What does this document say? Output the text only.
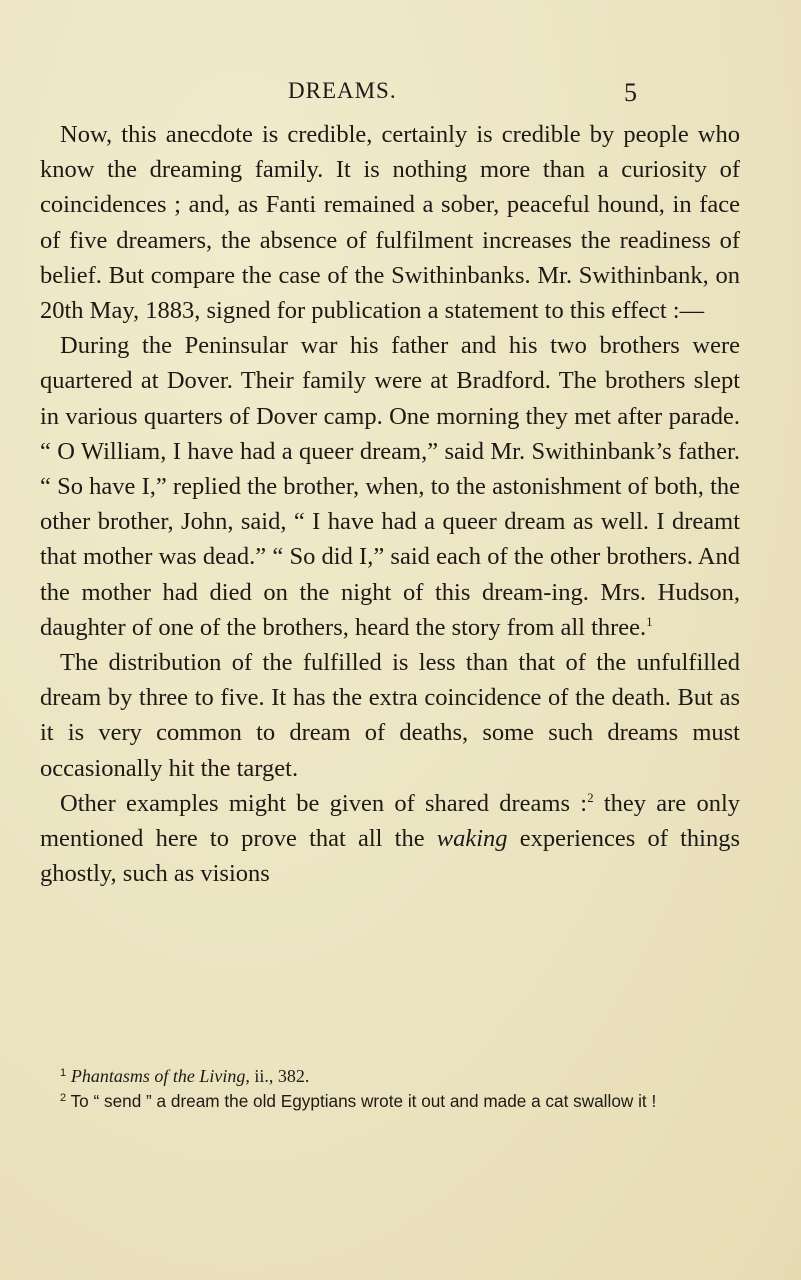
DREAMS.	5

Now, this anecdote is credible, certainly is credible by people who know the dreaming family. It is nothing more than a curiosity of coincidences ; and, as Fanti remained a sober, peaceful hound, in face of five dreamers, the absence of fulfilment increases the readiness of belief. But compare the case of the Swithinbanks. Mr. Swithinbank, on 20th May, 1883, signed for publication a statement to this effect :—

During the Peninsular war his father and his two brothers were quartered at Dover. Their family were at Bradford. The brothers slept in various quarters of Dover camp. One morning they met after parade. “ O William, I have had a queer dream,” said Mr. Swithinbank’s father. “ So have I,” replied the brother, when, to the astonishment of both, the other brother, John, said, “ I have had a queer dream as well. I dreamt that mother was dead.” “ So did I,” said each of the other brothers. And the mother had died on the night of this dream-ing. Mrs. Hudson, daughter of one of the brothers, heard the story from all three.$^1$

The distribution of the fulfilled is less than that of the unfulfilled dream by three to five. It has the extra coincidence of the death. But as it is very common to dream of deaths, some such dreams must occasionally hit the target.

Other examples might be given of shared dreams :$^2$ they are only mentioned here to prove that all the waking experiences of things ghostly, such as visions

$^1$ Phantasms of the Living, ii., 382.

$^2$ To “ send ” a dream the old Egyptians wrote it out and made a cat swallow it !
